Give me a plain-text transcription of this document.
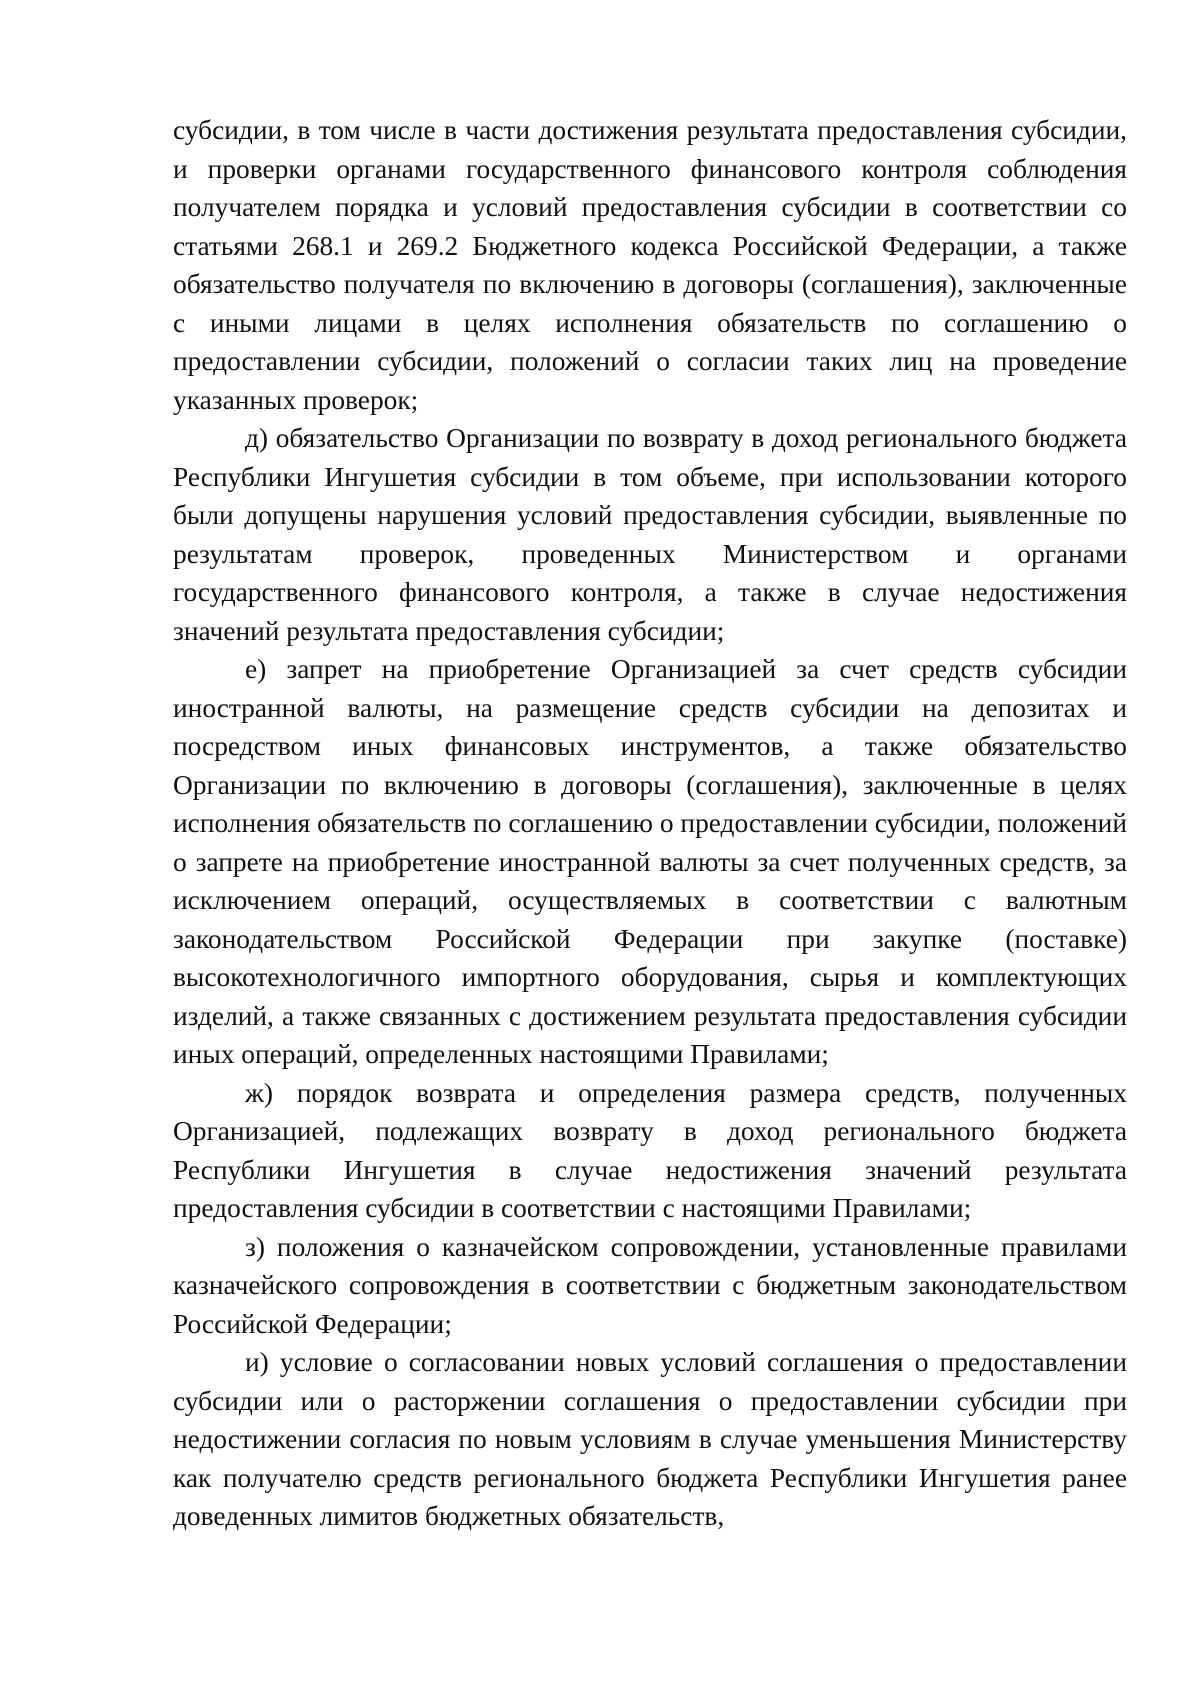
субсидии, в том числе в части достижения результата предоставления субсидии, и проверки органами государственного финансового контроля соблюдения получателем порядка и условий предоставления субсидии в соответствии со статьями 268.1 и 269.2 Бюджетного кодекса Российской Федерации, а также обязательство получателя по включению в договоры (соглашения), заключенные с иными лицами в целях исполнения обязательств по соглашению о предоставлении субсидии, положений о согласии таких лиц на проведение указанных проверок;

д) обязательство Организации по возврату в доход регионального бюджета Республики Ингушетия субсидии в том объеме, при использовании которого были допущены нарушения условий предоставления субсидии, выявленные по результатам проверок, проведенных Министерством и органами государственного финансового контроля, а также в случае недостижения значений результата предоставления субсидии;

е) запрет на приобретение Организацией за счет средств субсидии иностранной валюты, на размещение средств субсидии на депозитах и посредством иных финансовых инструментов, а также обязательство Организации по включению в договоры (соглашения), заключенные в целях исполнения обязательств по соглашению о предоставлении субсидии, положений о запрете на приобретение иностранной валюты за счет полученных средств, за исключением операций, осуществляемых в соответствии с валютным законодательством Российской Федерации при закупке (поставке) высокотехнологичного импортного оборудования, сырья и комплектующих изделий, а также связанных с достижением результата предоставления субсидии иных операций, определенных настоящими Правилами;

ж) порядок возврата и определения размера средств, полученных Организацией, подлежащих возврату в доход регионального бюджета Республики Ингушетия в случае недостижения значений результата предоставления субсидии в соответствии с настоящими Правилами;

з) положения о казначейском сопровождении, установленные правилами казначейского сопровождения в соответствии с бюджетным законодательством Российской Федерации;

и) условие о согласовании новых условий соглашения о предоставлении субсидии или о расторжении соглашения о предоставлении субсидии при недостижении согласия по новым условиям в случае уменьшения Министерству как получателю средств регионального бюджета Республики Ингушетия ранее доведенных лимитов бюджетных обязательств,
